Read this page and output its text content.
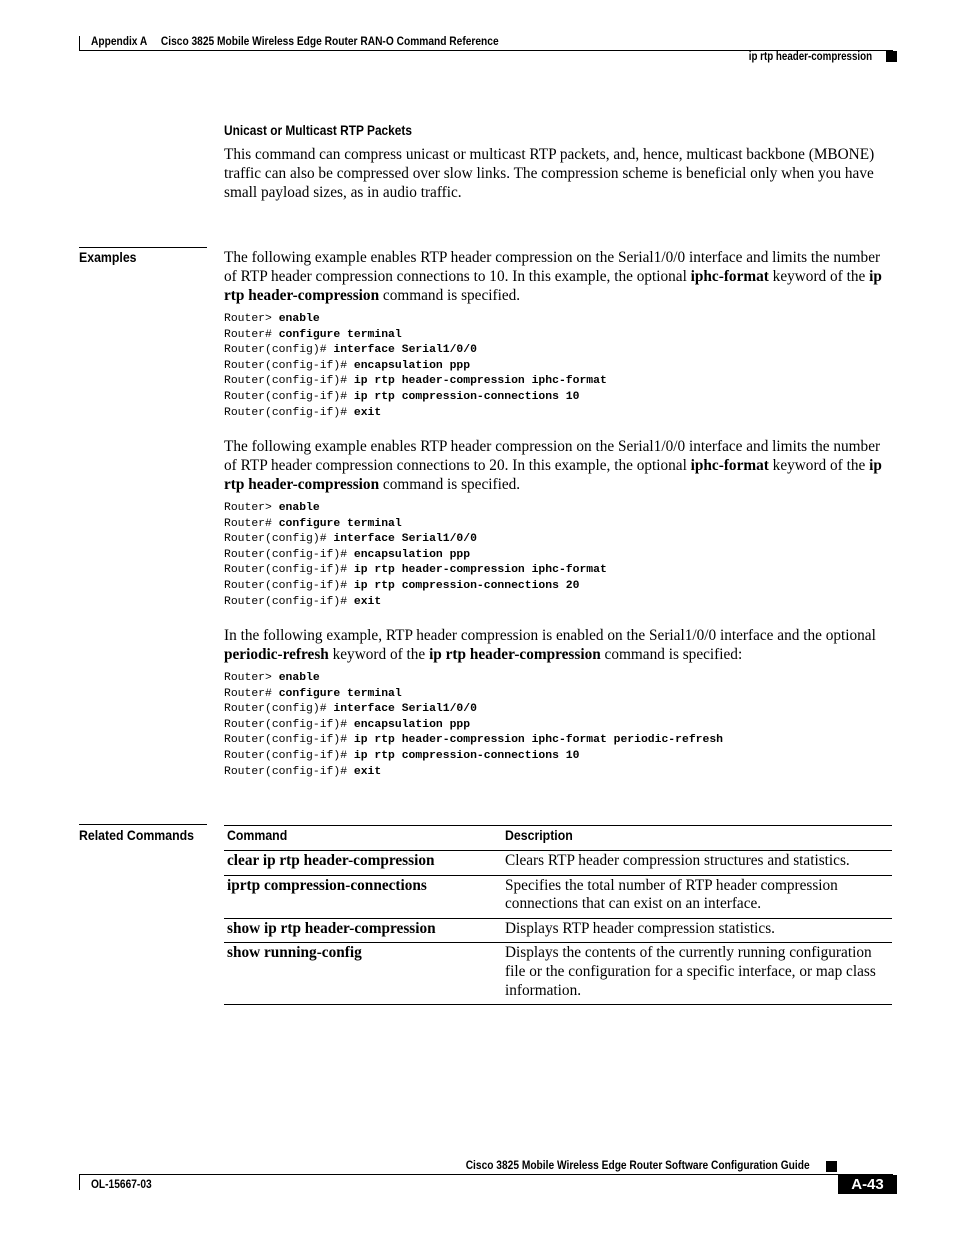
Appendix A Cisco 3825 Mobile Wireless Edge Router RAN-O Command Reference
ip rtp header-compression
Unicast or Multicast RTP Packets

This command can compress unicast or multicast RTP packets, and, hence, multicast backbone (MBONE) traffic can also be compressed over slow links. The compression scheme is beneficial only when you have small payload sizes, as in audio traffic.

Examples	The following example enables RTP header compression on the Serial1/0/0 interface and limits the number of RTP header compression connections to 10. In this example, the optional iphc-format keyword of the ip rtp header-compression command is specified.

Router> enable
Router# configure terminal
Router(config)# interface Serial1/0/0
Router(config-if)# encapsulation ppp
Router(config-if)# ip rtp header-compression iphc-format
Router(config-if)# ip rtp compression-connections 10
Router(config-if)# exit

The following example enables RTP header compression on the Serial1/0/0 interface and limits the number of RTP header compression connections to 20. In this example, the optional iphc-format keyword of the ip rtp header-compression command is specified.

Router> enable
Router# configure terminal
Router(config)# interface Serial1/0/0
Router(config-if)# encapsulation ppp
Router(config-if)# ip rtp header-compression iphc-format
Router(config-if)# ip rtp compression-connections 20
Router(config-if)# exit

In the following example, RTP header compression is enabled on the Serial1/0/0 interface and the optional periodic-refresh keyword of the ip rtp header-compression command is specified:

Router> enable
Router# configure terminal
Router(config)# interface Serial1/0/0
Router(config-if)# encapsulation ppp
Router(config-if)# ip rtp header-compression iphc-format periodic-refresh
Router(config-if)# ip rtp compression-connections 10
Router(config-if)# exit
Related Commands Command	Description
clear ip rtp header-compression	Clears RTP header compression structures and statistics.
iprtp compression-connections	Specifies the total number of RTP header compression connections that can exist on an interface.
show ip rtp header-compression	Displays RTP header compression statistics.
show running-config	Displays the contents of the currently running configuration file or the configuration for a specific interface, or map class information.
Cisco 3825 Mobile Wireless Edge Router Software Configuration Guide
OL-15667-03	A-43
